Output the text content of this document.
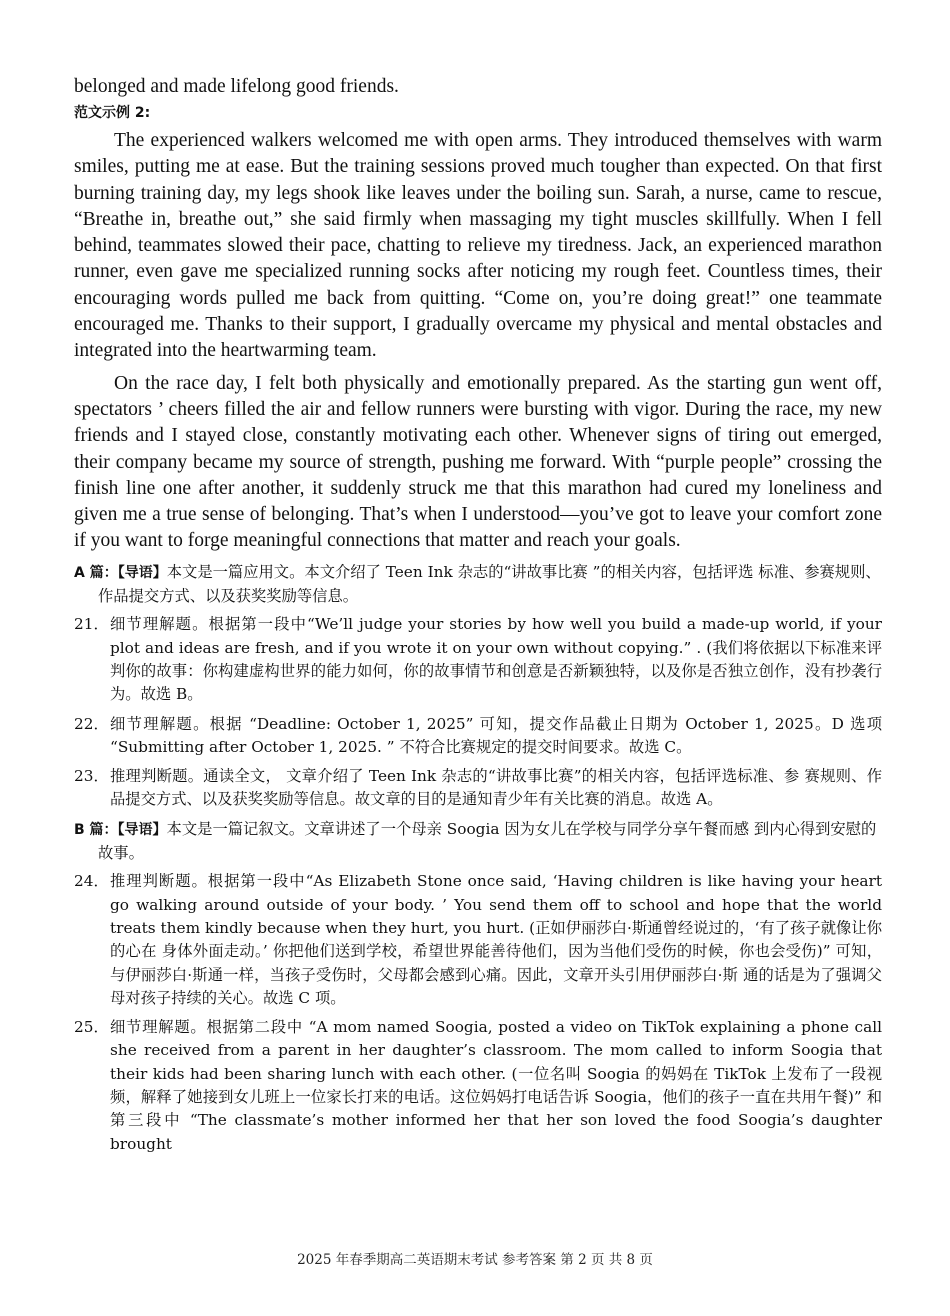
belonged and made lifelong good friends.

范文示例 2:

The experienced walkers welcomed me with open arms. They introduced themselves with warm smiles, putting me at ease. But the training sessions proved much tougher than expected. On that first burning training day, my legs shook like leaves under the boiling sun. Sarah, a nurse, came to rescue, “Breathe in, breathe out,” she said firmly when massaging my tight muscles skillfully. When I fell behind, teammates slowed their pace, chatting to relieve my tiredness. Jack, an experienced marathon runner, even gave me specialized running socks after noticing my rough feet. Countless times, their encouraging words pulled me back from quitting. “Come on, you’re doing great!” one teammate encouraged me. Thanks to their support, I gradually overcame my physical and mental obstacles and integrated into the heartwarming team.

On the race day, I felt both physically and emotionally prepared. As the starting gun went off, spectators ’ cheers filled the air and fellow runners were bursting with vigor. During the race, my new friends and I stayed close, constantly motivating each other. Whenever signs of tiring out emerged, their company became my source of strength, pushing me forward. With “purple people” crossing the finish line one after another, it suddenly struck me that this marathon had cured my loneliness and given me a true sense of belonging. That’s when I understood—you’ve got to leave your comfort zone if you want to forge meaningful connections that matter and reach your goals.

A 篇：【导语】本文是一篇应用文。本文介绍了 Teen Ink 杂志的“讲故事比赛 ”的相关内容，包括评选 标准、参赛规则、作品提交方式、以及获奖奖励等信息。
21． 细节理解题。根据第一段中“We’ll judge your stories by how well you build a made-up world, if your plot and ideas are fresh, and if you wrote it on your own without copying.” . (我们将依据以下标准来评判你的故事：你构建虚构世界的能力如何，你的故事情节和创意是否新颖独特，以及你是否独立创作，没有抄袭行为。故选 B。
22． 细节理解题。根据 “Deadline: October 1, 2025” 可知，提交作品截止日期为 October 1, 2025。D 选项 “Submitting after October 1, 2025. ” 不符合比赛规定的提交时间要求。故选 C。
23． 推理判断题。通读全文， 文章介绍了 Teen Ink 杂志的“讲故事比赛”的相关内容，包括评选标准、参 赛规则、作品提交方式、以及获奖奖励等信息。故文章的目的是通知青少年有关比赛的消息。故选 A。
B 篇：【导语】本文是一篇记叙文。文章讲述了一个母亲 Soogia 因为女儿在学校与同学分享午餐而感 到内心得到安慰的故事。
24． 推理判断题。根据第一段中“As Elizabeth Stone once said, ‘Having children is like having your heart go walking around outside of your body. ’ You send them off to school and hope that the world treats them kindly because when they hurt, you hurt. (正如伊丽莎白·斯通曾经说过的，‘有了孩子就像让你的心在 身体外面走动。’ 你把他们送到学校，希望世界能善待他们，因为当他们受伤的时候，你也会受伤)” 可知，与伊丽莎白·斯通一样，当孩子受伤时，父母都会感到心痛。因此，文章开头引用伊丽莎白·斯 通的话是为了强调父母对孩子持续的关心。故选 C 项。
25． 细节理解题。根据第二段中 “A mom named Soogia, posted a video on TikTok explaining a phone call she received from a parent in her daughter’s classroom. The mom called to inform Soogia that their kids had been sharing lunch with each other. (一位名叫 Soogia 的妈妈在 TikTok 上发布了一段视频，解释了她接到女儿班上一位家长打来的电话。这位妈妈打电话告诉 Soogia，他们的孩子一直在共用午餐)” 和第三段中 “The classmate’s mother informed her that her son loved the food Soogia’s daughter brought
2025 年春季期高二英语期末考试 参考答案 第 2 页 共 8 页
